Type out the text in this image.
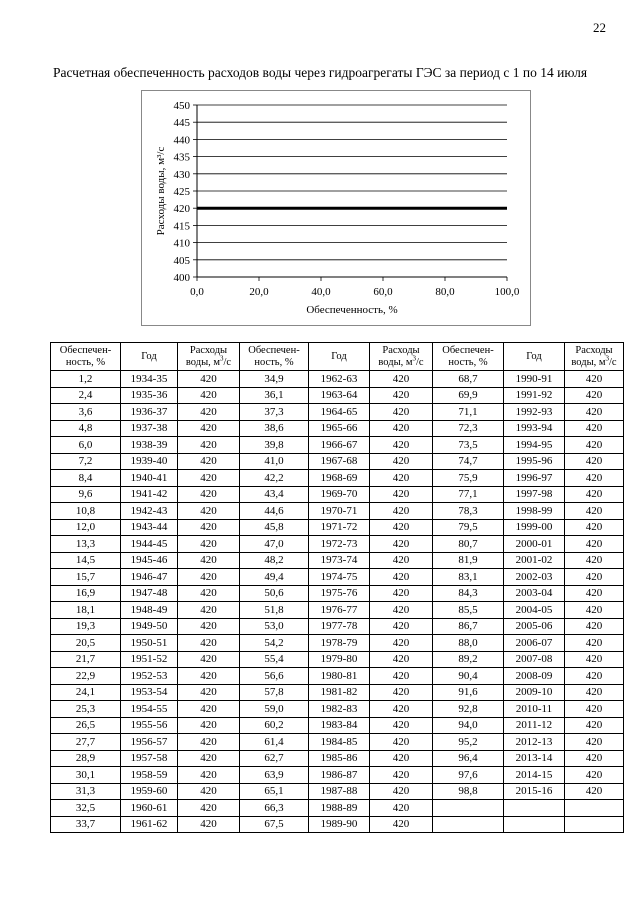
22
Расчетная обеспеченность расходов воды через гидроагрегаты ГЭС за период с 1 по 14 июля
400
405
410
415
420
425
430
435
440
445
450
0,0	20,0	40,0	60,0	80,0	100,0
Обеспеченность, %
Расходы воды, м³/с
Обеспечен- ность, %	Год	Расходы воды, $м^3/с$	Обеспечен- ность, %	Год	Расходы воды, $м^3/с$	Обеспечен- ность, %	Год	Расходы воды, $м^3/с$
1,2	1934-35	420	34,9	1962-63	420	68,7	1990-91	420
2,4	1935-36	420	36,1	1963-64	420	69,9	1991-92	420
3,6	1936-37	420	37,3	1964-65	420	71,1	1992-93	420
4,8	1937-38	420	38,6	1965-66	420	72,3	1993-94	420
6,0	1938-39	420	39,8	1966-67	420	73,5	1994-95	420
7,2	1939-40	420	41,0	1967-68	420	74,7	1995-96	420
8,4	1940-41	420	42,2	1968-69	420	75,9	1996-97	420
9,6	1941-42	420	43,4	1969-70	420	77,1	1997-98	420
10,8	1942-43	420	44,6	1970-71	420	78,3	1998-99	420
12,0	1943-44	420	45,8	1971-72	420	79,5	1999-00	420
13,3	1944-45	420	47,0	1972-73	420	80,7	2000-01	420
14,5	1945-46	420	48,2	1973-74	420	81,9	2001-02	420
15,7	1946-47	420	49,4	1974-75	420	83,1	2002-03	420
16,9	1947-48	420	50,6	1975-76	420	84,3	2003-04	420
18,1	1948-49	420	51,8	1976-77	420	85,5	2004-05	420
19,3	1949-50	420	53,0	1977-78	420	86,7	2005-06	420
20,5	1950-51	420	54,2	1978-79	420	88,0	2006-07	420
21,7	1951-52	420	55,4	1979-80	420	89,2	2007-08	420
22,9	1952-53	420	56,6	1980-81	420	90,4	2008-09	420
24,1	1953-54	420	57,8	1981-82	420	91,6	2009-10	420
25,3	1954-55	420	59,0	1982-83	420	92,8	2010-11	420
26,5	1955-56	420	60,2	1983-84	420	94,0	2011-12	420
27,7	1956-57	420	61,4	1984-85	420	95,2	2012-13	420
28,9	1957-58	420	62,7	1985-86	420	96,4	2013-14	420
30,1	1958-59	420	63,9	1986-87	420	97,6	2014-15	420
31,3	1959-60	420	65,1	1987-88	420	98,8	2015-16	420
32,5	1960-61	420	66,3	1988-89	420			
33,7	1961-62	420	67,5	1989-90	420			
